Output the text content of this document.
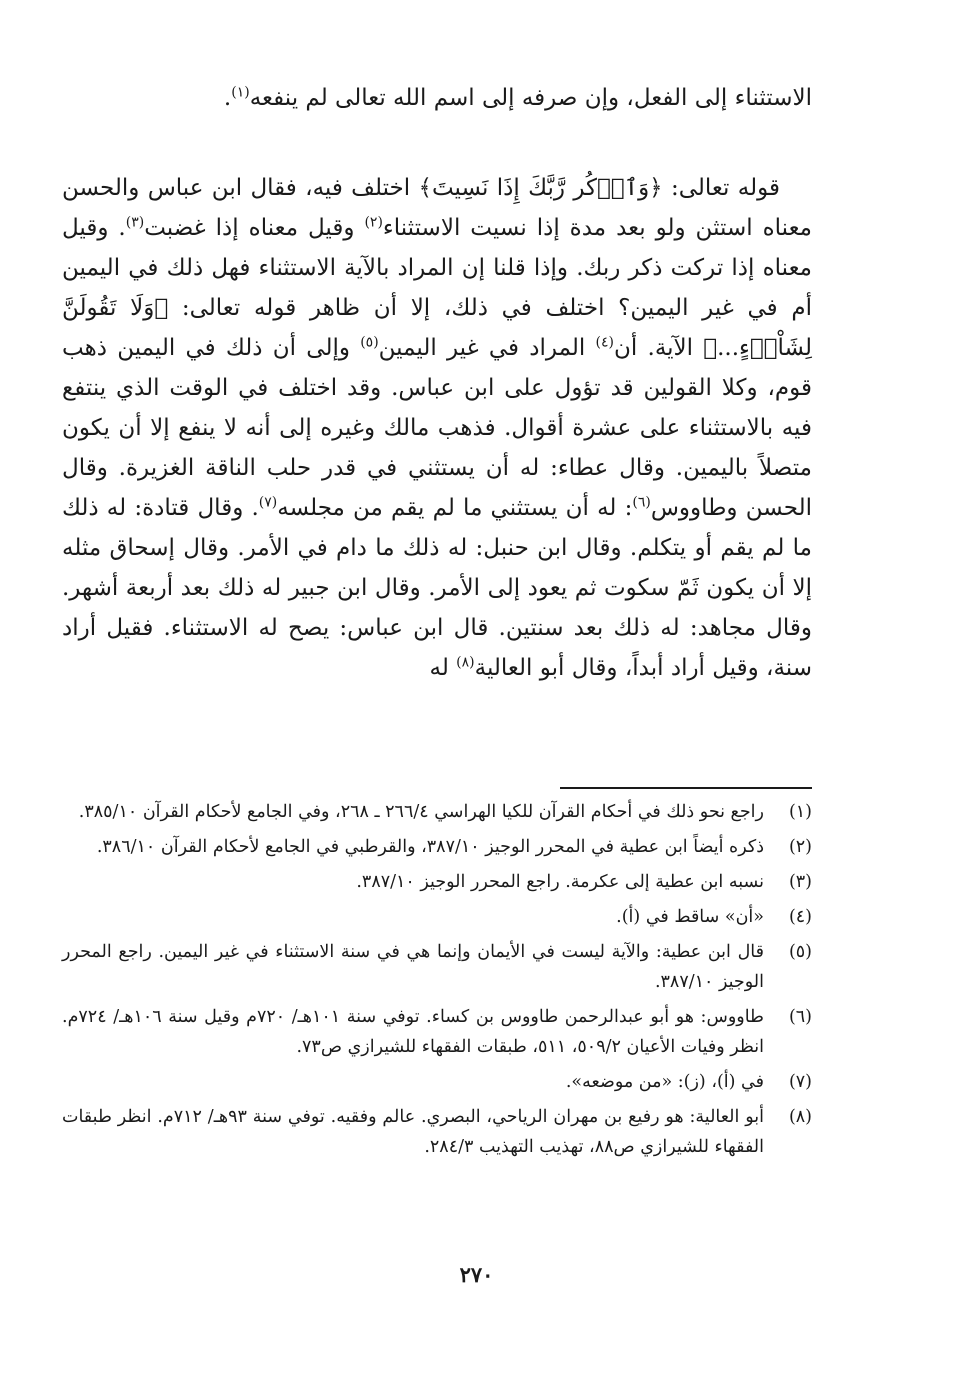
الاستثناء إلى الفعل، وإن صرفه إلى اسم الله تعالى لم ينفعه$^{(١)}$.

قوله تعالى: ﴿وَٱذۡكُر رَّبَّكَ إِذَا نَسِيتَ﴾ اختلف فيه، فقال ابن عباس والحسن معناه استثن ولو بعد مدة إذا نسيت الاستثناء$^{(٢)}$ وقيل معناه إذا غضبت$^{(٣)}$. وقيل معناه إذا تركت ذكر ربك. وإذا قلنا إن المراد بالآية الاستثناء فهل ذلك في اليمين أم في غير اليمين؟ اختلف في ذلك، إلا أن ظاهر قوله تعالى: ﴿وَلَا تَقُولَنَّ لِشَاْيۡءٍ...﴾ الآية. أن$^{(٤)}$ المراد في غير اليمين$^{(٥)}$ وإلى أن ذلك في اليمين ذهب قوم، وكلا القولين قد تؤول على ابن عباس. وقد اختلف في الوقت الذي ينتفع فيه بالاستثناء على عشرة أقوال. فذهب مالك وغيره إلى أنه لا ينفع إلا أن يكون متصلاً باليمين. وقال عطاء: له أن يستثني في قدر حلب الناقة الغزيرة. وقال الحسن وطاووس$^{(٦)}$: له أن يستثني ما لم يقم من مجلسه$^{(٧)}$. وقال قتادة: له ذلك ما لم يقم أو يتكلم. وقال ابن حنبل: له ذلك ما دام في الأمر. وقال إسحاق مثله إلا أن يكون ثَمّ سكوت ثم يعود إلى الأمر. وقال ابن جبير له ذلك بعد أربعة أشهر. وقال مجاهد: له ذلك بعد سنتين. قال ابن عباس: يصح له الاستثناء. فقيل أراد سنة، وقيل أراد أبداً، وقال أبو العالية$^{(٨)}$ له

(١)
راجع نحو ذلك في أحكام القرآن للكيا الهراسي ٢٦٦/٤ ـ ٢٦٨، وفي الجامع لأحكام القرآن ٣٨٥/١٠.
(٢)
ذكره أيضاً ابن عطية في المحرر الوجيز ٣٨٧/١٠، والقرطبي في الجامع لأحكام القرآن ٣٨٦/١٠.
(٣)
نسبه ابن عطية إلى عكرمة. راجع المحرر الوجيز ٣٨٧/١٠.
(٤)
«أن» ساقط في (أ).
(٥)
قال ابن عطية: والآية ليست في الأيمان وإنما هي في سنة الاستثناء في غير اليمين. راجع المحرر الوجيز ٣٨٧/١٠.
(٦)
طاووس: هو أبو عبدالرحمن طاووس بن كساء. توفي سنة ١٠١هـ/ ٧٢٠م وقيل سنة ١٠٦هـ/ ٧٢٤م. انظر وفيات الأعيان ٥٠٩/٢، ٥١١، طبقات الفقهاء للشيرازي ص٧٣.
(٧)
في (أ)، (ز): «من موضعه».
(٨)
أبو العالية: هو رفيع بن مهران الرياحي، البصري. عالم وفقيه. توفي سنة ٩٣هـ/ ٧١٢م. انظر طبقات الفقهاء للشيرازي ص٨٨، تهذيب التهذيب ٢٨٤/٣.
٢٧٠
